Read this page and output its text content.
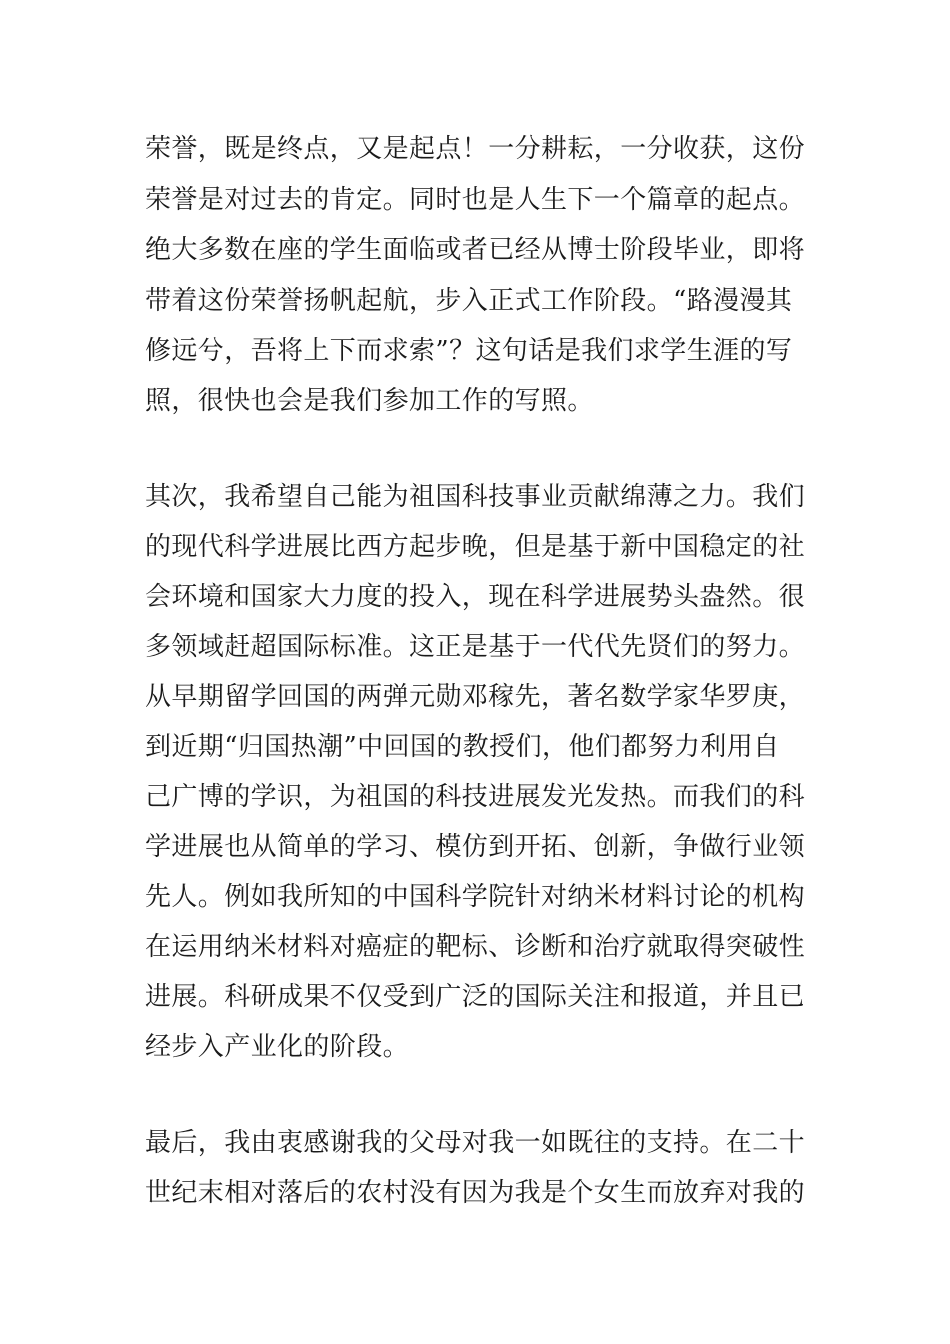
荣誉，既是终点，又是起点！一分耕耘，一分收获，这份
荣誉是对过去的肯定。同时也是人生下一个篇章的起点。
绝大多数在座的学生面临或者已经从博士阶段毕业，即将
带着这份荣誉扬帆起航，步入正式工作阶段。“路漫漫其
修远兮，吾将上下而求索”？这句话是我们求学生涯的写
照，很快也会是我们参加工作的写照。
其次，我希望自己能为祖国科技事业贡献绵薄之力。我们
的现代科学进展比西方起步晚，但是基于新中国稳定的社
会环境和国家大力度的投入，现在科学进展势头盎然。很
多领域赶超国际标准。这正是基于一代代先贤们的努力。
从早期留学回国的两弹元勋邓稼先，著名数学家华罗庚，
到近期“归国热潮”中回国的教授们，他们都努力利用自
己广博的学识，为祖国的科技进展发光发热。而我们的科
学进展也从简单的学习、模仿到开拓、创新，争做行业领
先人。例如我所知的中国科学院针对纳米材料讨论的机构
在运用纳米材料对癌症的靶标、诊断和治疗就取得突破性
进展。科研成果不仅受到广泛的国际关注和报道，并且已
经步入产业化的阶段。
最后，我由衷感谢我的父母对我一如既往的支持。在二十
世纪末相对落后的农村没有因为我是个女生而放弃对我的
